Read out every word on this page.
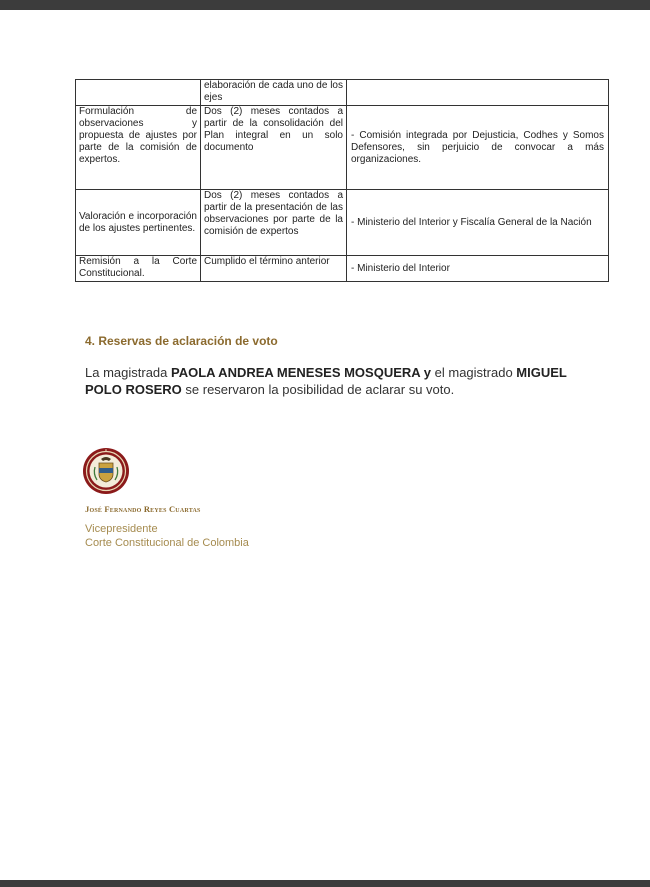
	elaboración de cada uno de los ejes	
Formulación de observaciones y propuesta de ajustes por parte de la comisión de expertos.	Dos (2) meses contados a partir de la consolidación del Plan integral en un solo documento	- Comisión integrada por Dejusticia, Codhes y Somos Defensores, sin perjuicio de convocar a más organizaciones.
Valoración e incorporación de los ajustes pertinentes.	Dos (2) meses contados a partir de la presentación de las observaciones por parte de la comisión de expertos	- Ministerio del Interior y Fiscalía General de la Nación
Remisión a la Corte Constitucional.	Cumplido el término anterior	- Ministerio del Interior
4. Reservas de aclaración de voto
La magistrada PAOLA ANDREA MENESES MOSQUERA y el magistrado MIGUEL POLO ROSERO se reservaron la posibilidad de aclarar su voto.
José Fernando Reyes Cuartas
Vicepresidente
Corte Constitucional de Colombia
